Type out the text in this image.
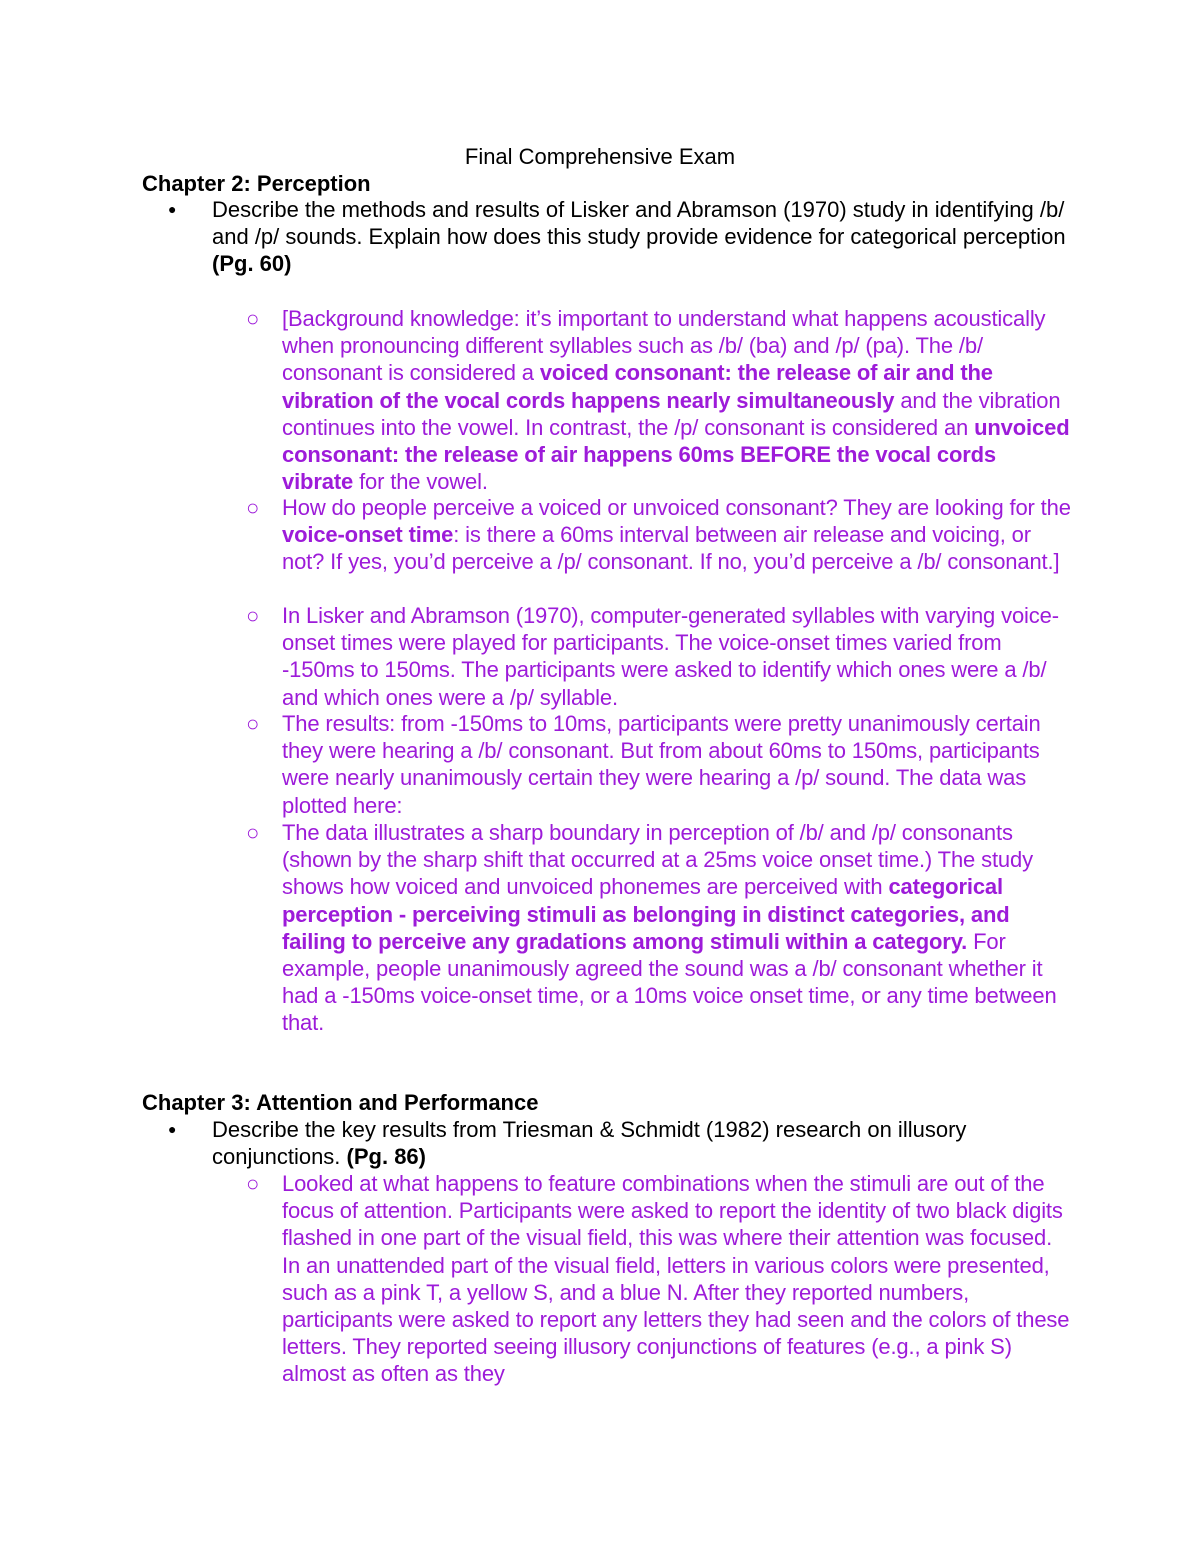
Final Comprehensive Exam
Chapter 2: Perception
● Describe the methods and results of Lisker and Abramson (1970) study in identifying /b/ and /p/ sounds. Explain how does this study provide evidence for categorical perception
(Pg. 60)
○ [Background knowledge: it’s important to understand what happens acoustically when pronouncing different syllables such as /b/ (ba) and /p/ (pa). The /b/ consonant is considered a voiced consonant: the release of air and the vibration of the vocal cords happens nearly simultaneously and the vibration continues into the vowel. In contrast, the /p/ consonant is considered an unvoiced consonant: the release of air happens 60ms BEFORE the vocal cords vibrate for the vowel.
○ How do people perceive a voiced or unvoiced consonant? They are looking for the voice-onset time: is there a 60ms interval between air release and voicing, or not? If yes, you’d perceive a /p/ consonant. If no, you’d perceive a /b/ consonant.]
○ In Lisker and Abramson (1970), computer-generated syllables with varying voice-onset times were played for participants. The voice-onset times varied from -150ms to 150ms. The participants were asked to identify which ones were a /b/ and which ones were a /p/ syllable.
○ The results: from -150ms to 10ms, participants were pretty unanimously certain they were hearing a /b/ consonant. But from about 60ms to 150ms, participants were nearly unanimously certain they were hearing a /p/ sound. The data was plotted here:
○ The data illustrates a sharp boundary in perception of /b/ and /p/ consonants (shown by the sharp shift that occurred at a 25ms voice onset time.) The study shows how voiced and unvoiced phonemes are perceived with categorical perception - perceiving stimuli as belonging in distinct categories, and failing to perceive any gradations among stimuli within a category. For example, people unanimously agreed the sound was a /b/ consonant whether it had a -150ms voice-onset time, or a 10ms voice onset time, or any time between that.
Chapter 3: Attention and Performance
● Describe the key results from Triesman & Schmidt (1982) research on illusory conjunctions. (Pg. 86)
○ Looked at what happens to feature combinations when the stimuli are out of the focus of attention. Participants were asked to report the identity of two black digits flashed in one part of the visual field, this was where their attention was focused. In an unattended part of the visual field, letters in various colors were presented, such as a pink T, a yellow S, and a blue N. After they reported numbers, participants were asked to report any letters they had seen and the colors of these letters. They reported seeing illusory conjunctions of features (e.g., a pink S) almost as often as they
